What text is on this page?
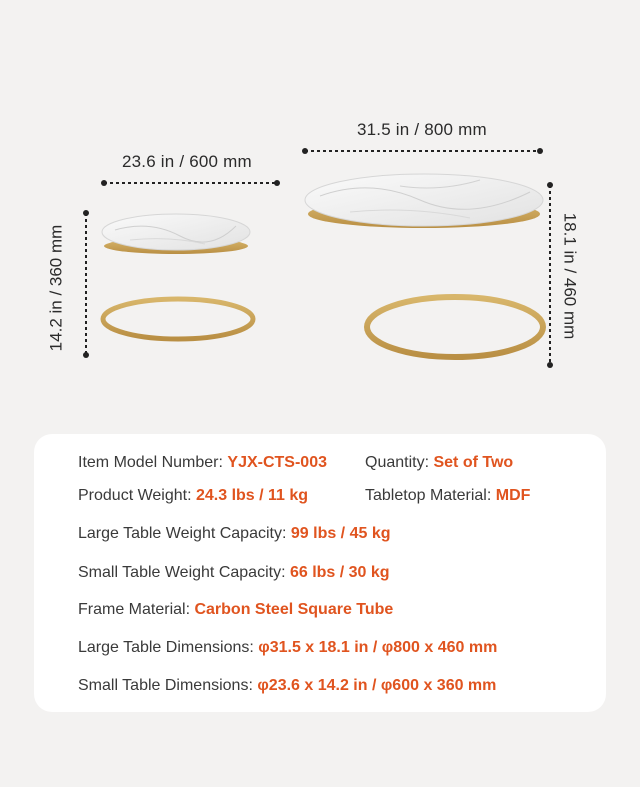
23.6 in / 600 mm
31.5 in / 800 mm
14.2 in / 360 mm	18.1 in / 460 mm
Item Model Number: YJX-CTS-003 Quantity: Set of Two
Product Weight: 24.3 lbs / 11 kg	Tabletop Material: MDF
Large Table Weight Capacity: 99 lbs / 45 kg
Small Table Weight Capacity: 66 lbs / 30 kg
Frame Material: Carbon Steel Square Tube
Large Table Dimensions: φ31.5 x 18.1 in / φ800 x 460 mm
Small Table Dimensions: φ23.6 x 14.2 in / φ600 x 360 mm
